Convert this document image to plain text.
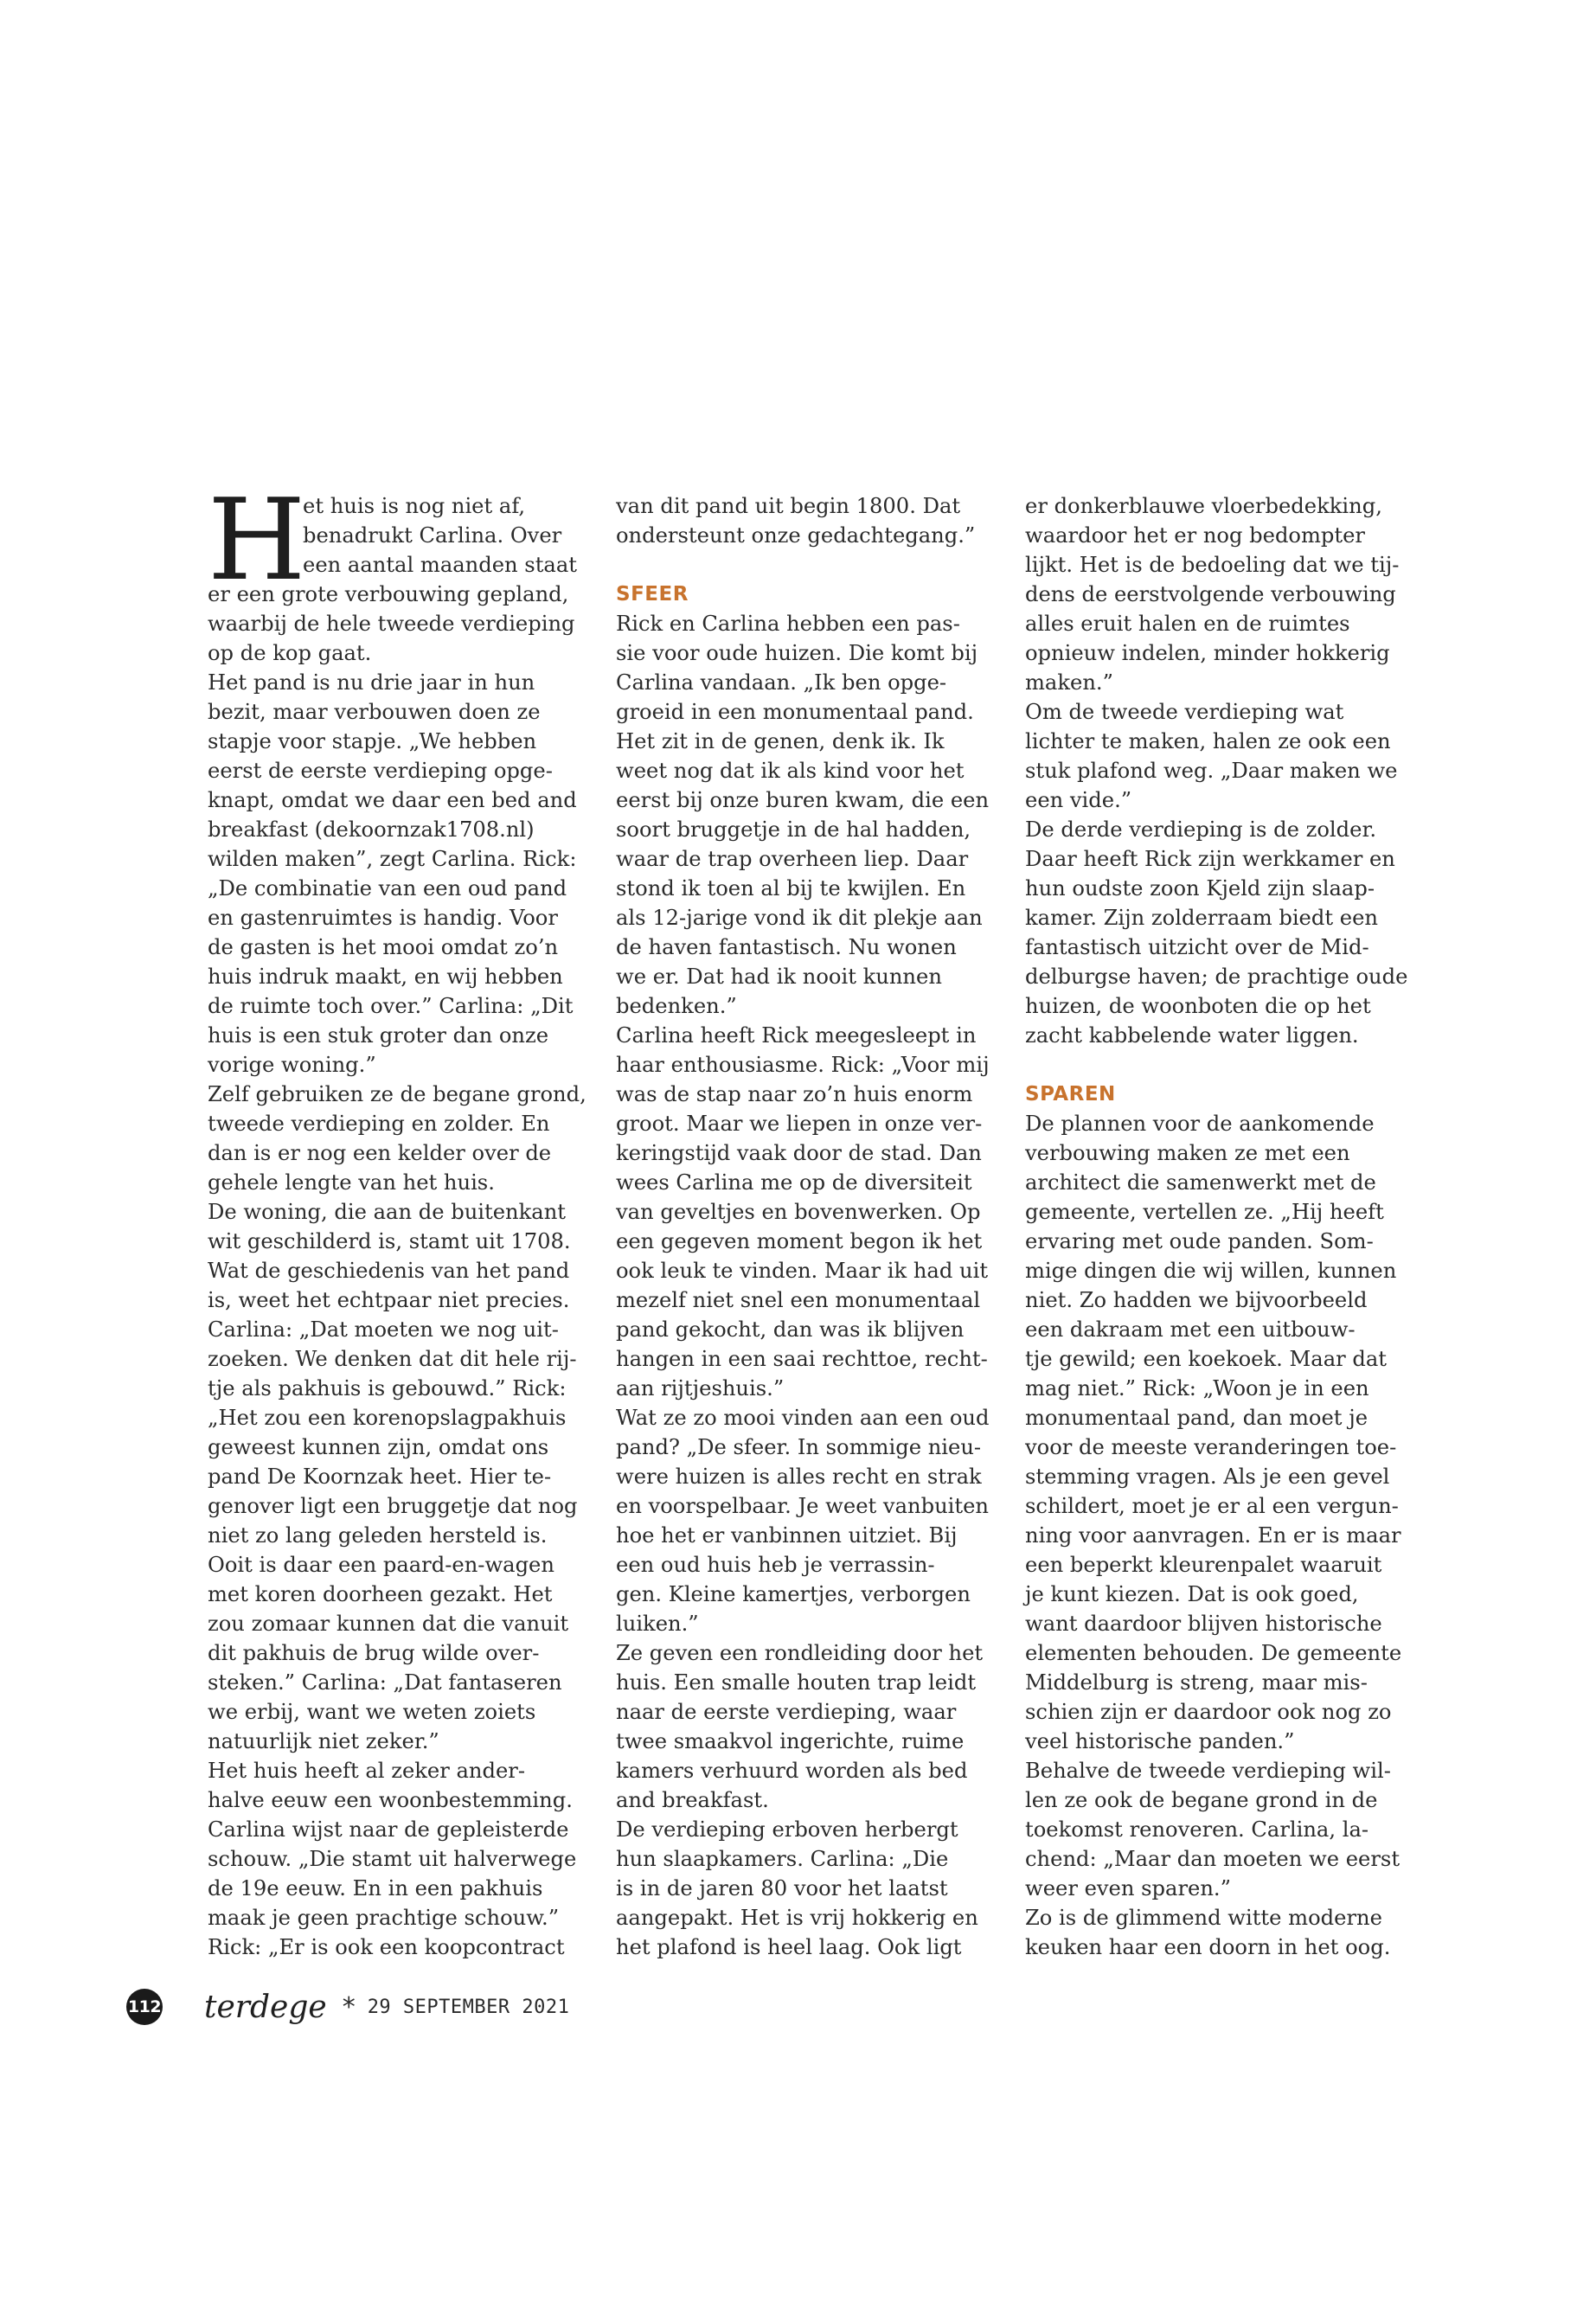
H
et huis is nog niet af,
benadrukt Carlina. Over
een aantal maanden staat
er een grote verbouwing gepland,
waarbij de hele tweede verdieping
op de kop gaat.
Het pand is nu drie jaar in hun
bezit, maar verbouwen doen ze
stapje voor stapje. „We hebben
eerst de eerste verdieping opge-
knapt, omdat we daar een bed and
breakfast (dekoornzak1708.nl)
wilden maken”, zegt Carlina. Rick:
„De combinatie van een oud pand
en gastenruimtes is handig. Voor
de gasten is het mooi omdat zo’n
huis indruk maakt, en wij hebben
de ruimte toch over.” Carlina: „Dit
huis is een stuk groter dan onze
vorige woning.”
Zelf gebruiken ze de begane grond,
tweede verdieping en zolder. En
dan is er nog een kelder over de
gehele lengte van het huis.
De woning, die aan de buitenkant
wit geschilderd is, stamt uit 1708.
Wat de geschiedenis van het pand
is, weet het echtpaar niet precies.
Carlina: „Dat moeten we nog uit-
zoeken. We denken dat dit hele rij-
tje als pakhuis is gebouwd.” Rick:
„Het zou een korenopslagpakhuis
geweest kunnen zijn, omdat ons
pand De Koornzak heet. Hier te-
genover ligt een bruggetje dat nog
niet zo lang geleden hersteld is.
Ooit is daar een paard-en-wagen
met koren doorheen gezakt. Het
zou zomaar kunnen dat die vanuit
dit pakhuis de brug wilde over-
steken.” Carlina: „Dat fantaseren
we erbij, want we weten zoiets
natuurlijk niet zeker.”
Het huis heeft al zeker ander-
halve eeuw een woonbestemming.
Carlina wijst naar de gepleisterde
schouw. „Die stamt uit halverwege
de 19e eeuw. En in een pakhuis
maak je geen prachtige schouw.”
Rick: „Er is ook een koopcontract
van dit pand uit begin 1800. Dat
ondersteunt onze gedachtegang.”
SFEER
Rick en Carlina hebben een pas-
sie voor oude huizen. Die komt bij
Carlina vandaan. „Ik ben opge-
groeid in een monumentaal pand.
Het zit in de genen, denk ik. Ik
weet nog dat ik als kind voor het
eerst bij onze buren kwam, die een
soort bruggetje in de hal hadden,
waar de trap overheen liep. Daar
stond ik toen al bij te kwijlen. En
als 12-jarige vond ik dit plekje aan
de haven fantastisch. Nu wonen
we er. Dat had ik nooit kunnen
bedenken.”
Carlina heeft Rick meegesleept in
haar enthousiasme. Rick: „Voor mij
was de stap naar zo’n huis enorm
groot. Maar we liepen in onze ver-
keringstijd vaak door de stad. Dan
wees Carlina me op de diversiteit
van geveltjes en bovenwerken. Op
een gegeven moment begon ik het
ook leuk te vinden. Maar ik had uit
mezelf niet snel een monumentaal
pand gekocht, dan was ik blijven
hangen in een saai rechttoe, recht-
aan rijtjeshuis.”
Wat ze zo mooi vinden aan een oud
pand? „De sfeer. In sommige nieu-
were huizen is alles recht en strak
en voorspelbaar. Je weet vanbuiten
hoe het er vanbinnen uitziet. Bij
een oud huis heb je verrassin-
gen. Kleine kamertjes, verborgen
luiken.”
Ze geven een rondleiding door het
huis. Een smalle houten trap leidt
naar de eerste verdieping, waar
twee smaakvol ingerichte, ruime
kamers verhuurd worden als bed
and breakfast.
De verdieping erboven herbergt
hun slaapkamers. Carlina: „Die
is in de jaren 80 voor het laatst
aangepakt. Het is vrij hokkerig en
het plafond is heel laag. Ook ligt
er donkerblauwe vloerbedekking,
waardoor het er nog bedompter
lijkt. Het is de bedoeling dat we tij-
dens de eerstvolgende verbouwing
alles eruit halen en de ruimtes
opnieuw indelen, minder hokkerig
maken.”
Om de tweede verdieping wat
lichter te maken, halen ze ook een
stuk plafond weg. „Daar maken we
een vide.”
De derde verdieping is de zolder.
Daar heeft Rick zijn werkkamer en
hun oudste zoon Kjeld zijn slaap-
kamer. Zijn zolderraam biedt een
fantastisch uitzicht over de Mid-
delburgse haven; de prachtige oude
huizen, de woonboten die op het
zacht kabbelende water liggen.
SPAREN
De plannen voor de aankomende
verbouwing maken ze met een
architect die samenwerkt met de
gemeente, vertellen ze. „Hij heeft
ervaring met oude panden. Som-
mige dingen die wij willen, kunnen
niet. Zo hadden we bijvoorbeeld
een dakraam met een uitbouw-
tje gewild; een koekoek. Maar dat
mag niet.” Rick: „Woon je in een
monumentaal pand, dan moet je
voor de meeste veranderingen toe-
stemming vragen. Als je een gevel
schildert, moet je er al een vergun-
ning voor aanvragen. En er is maar
een beperkt kleurenpalet waaruit
je kunt kiezen. Dat is ook goed,
want daardoor blijven historische
elementen behouden. De gemeente
Middelburg is streng, maar mis-
schien zijn er daardoor ook nog zo
veel historische panden.”
Behalve de tweede verdieping wil-
len ze ook de begane grond in de
toekomst renoveren. Carlina, la-
chend: „Maar dan moeten we eerst
weer even sparen.”
Zo is de glimmend witte moderne
keuken haar een doorn in het oog.
112 terdege * 29 SEPTEMBER 2021
